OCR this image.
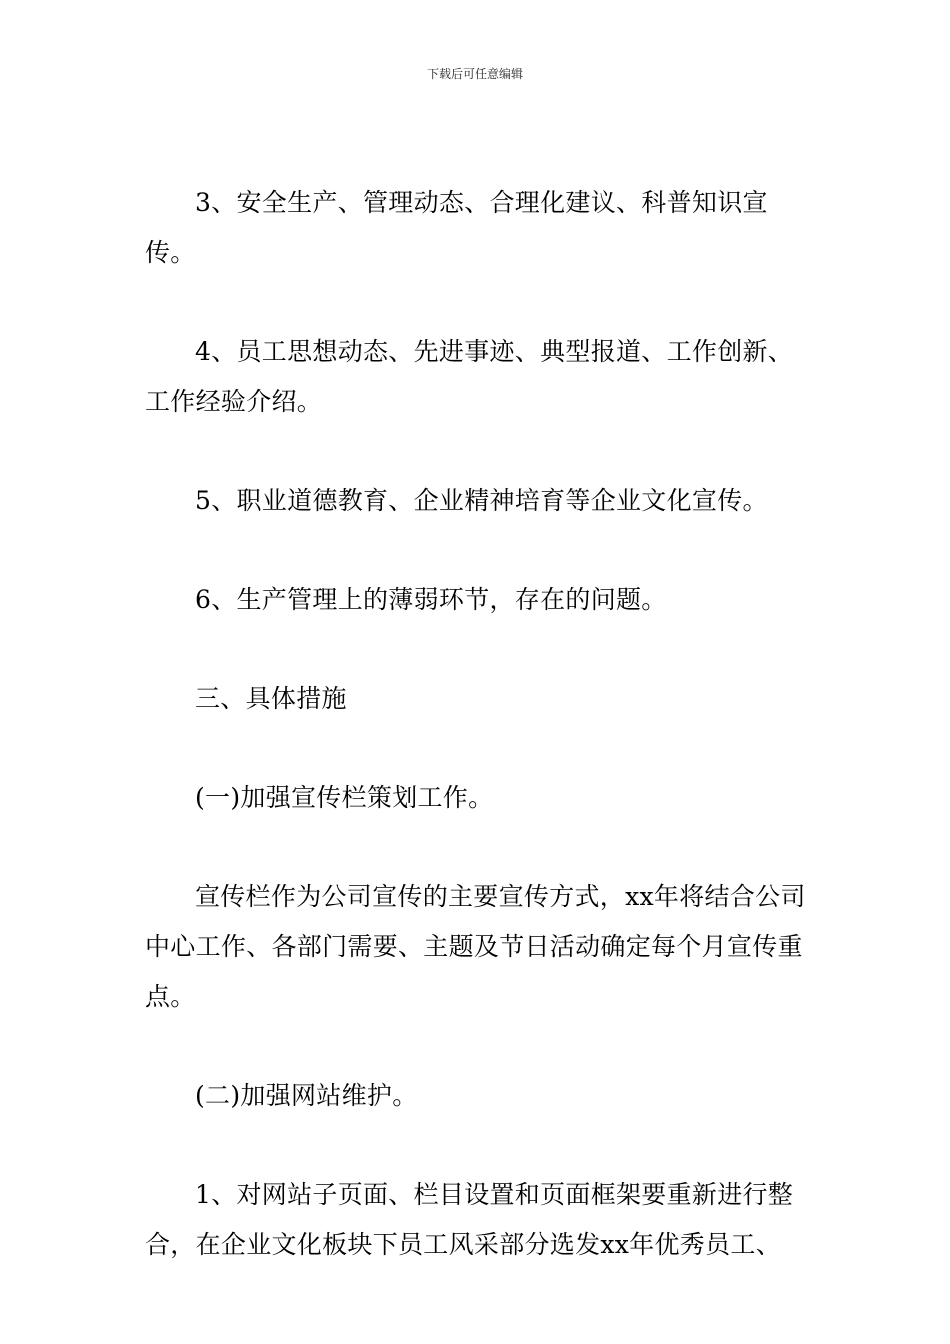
下载后可任意编辑

3、安全生产、管理动态、合理化建议、科普知识宣传。

4、员工思想动态、先进事迹、典型报道、工作创新、工作经验介绍。

5、职业道德教育、企业精神培育等企业文化宣传。

6、生产管理上的薄弱环节，存在的问题。

三、具体措施

(一)加强宣传栏策划工作。

宣传栏作为公司宣传的主要宣传方式，xx年将结合公司中心工作、各部门需要、主题及节日活动确定每个月宣传重点。

(二)加强网站维护。

1、对网站子页面、栏目设置和页面框架要重新进行整合，在企业文化板块下员工风采部分选发xx年优秀员工、
